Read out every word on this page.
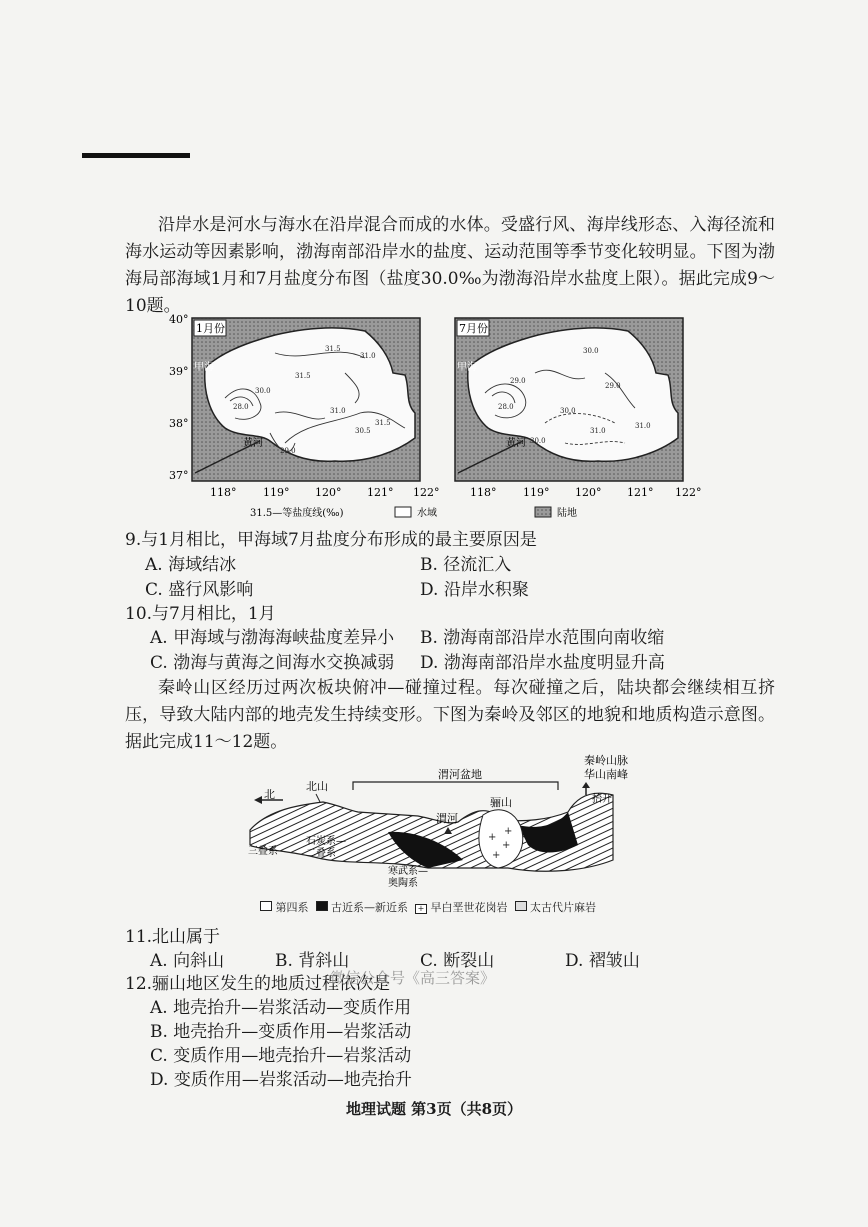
沿岸水是河水与海水在沿岸混合而成的水体。受盛行风、海岸线形态、入海径流和海水运动等因素影响，渤海南部沿岸水的盐度、运动范围等季节变化较明显。下图为渤海局部海域1月和7月盐度分布图（盐度30.0‰为渤海沿岸水盐度上限）。据此完成9～10题。
40°
39°
38°
37°
1月份
甲海
黄河
31.5
31.0
31.5
28.0
30.0
31.5
30.5
31.0
29.0
7月份
甲海
黄河
30.0
29.0
28.0	30.0
31.0
29.0
31.0
30.0
118° 119° 120° 121° 122°	118° 119° 120° 121° 122°
31.5—等盐度线(‰)	水域	陆地
9.与1月相比，甲海域7月盐度分布形成的最主要原因是
A. 海域结冰	B. 径流汇入
C. 盛行风影响	D. 沿岸水积聚
10.与7月相比，1月
A. 甲海域与渤海海峡盐度差异小 B. 渤海南部沿岸水范围向南收缩
C. 渤海与黄海之间海水交换减弱 D. 渤海南部沿岸水盐度明显升高
秦岭山区经历过两次板块俯冲—碰撞过程。每次碰撞之后，陆块都会继续相互挤压，导致大陆内部的地壳发生持续变形。下图为秦岭及邻区的地貌和地质构造示意图。据此完成11～12题。
北
北山
渭河盆地
秦岭山脉
华山南峰
+
+
+
+
渭河
骊山	抬升
三叠系
石炭系—
二叠系
寒武系—
奥陶系
第四系 古近系—新近系 + 早白垩世花岗岩 太古代片麻岩
11.北山属于
A. 向斜山	B. 背斜山	C. 断裂山	D. 褶皱山
12.骊山地区发生的地质过程依次是
微信公众号《高三答案》
A. 地壳抬升—岩浆活动—变质作用
B. 地壳抬升—变质作用—岩浆活动
C. 变质作用—地壳抬升—岩浆活动
D. 变质作用—岩浆活动—地壳抬升
地理试题 第3页（共8页）
